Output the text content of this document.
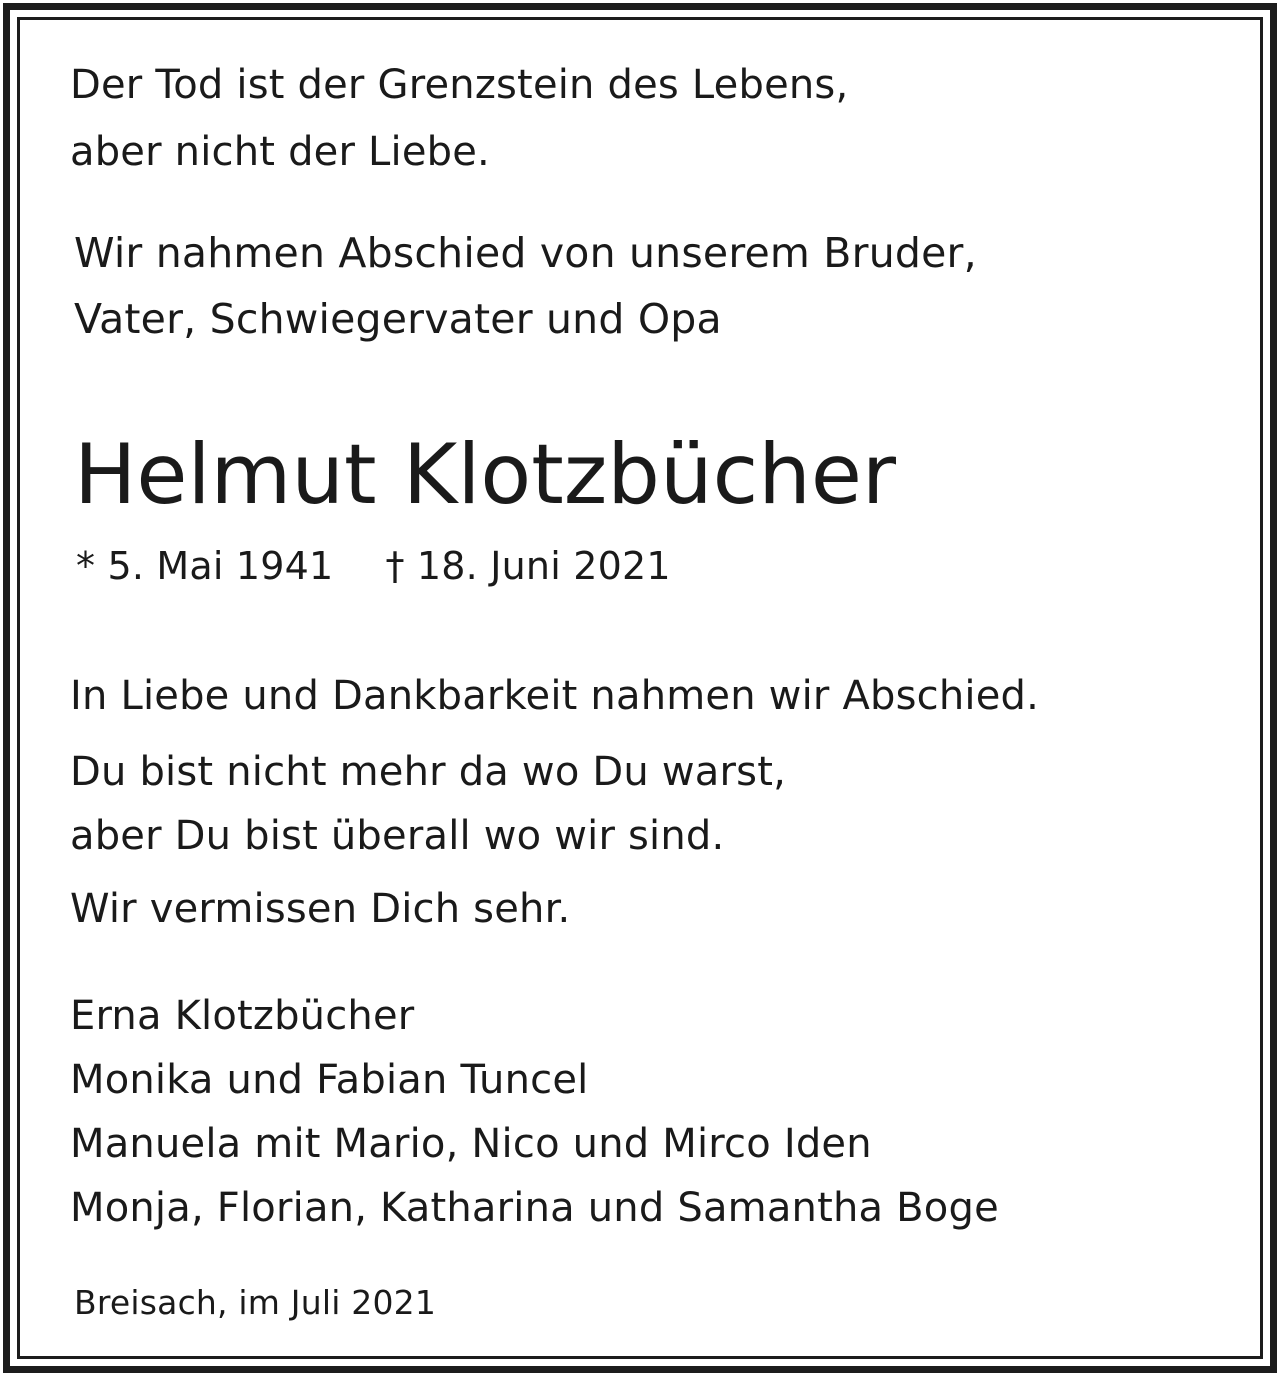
Der Tod ist der Grenzstein des Lebens,
aber nicht der Liebe.
Wir nahmen Abschied von unserem Bruder,
Vater, Schwiegervater und Opa
Helmut Klotzbücher
* 5. Mai 1941 † 18. Juni 2021

In Liebe und Dankbarkeit nahmen wir Abschied.

Du bist nicht mehr da wo Du warst,
aber Du bist überall wo wir sind.

Wir vermissen Dich sehr.

Erna Klotzbücher
Monika und Fabian Tuncel
Manuela mit Mario, Nico und Mirco Iden
Monja, Florian, Katharina und Samantha Boge

Breisach, im Juli 2021
